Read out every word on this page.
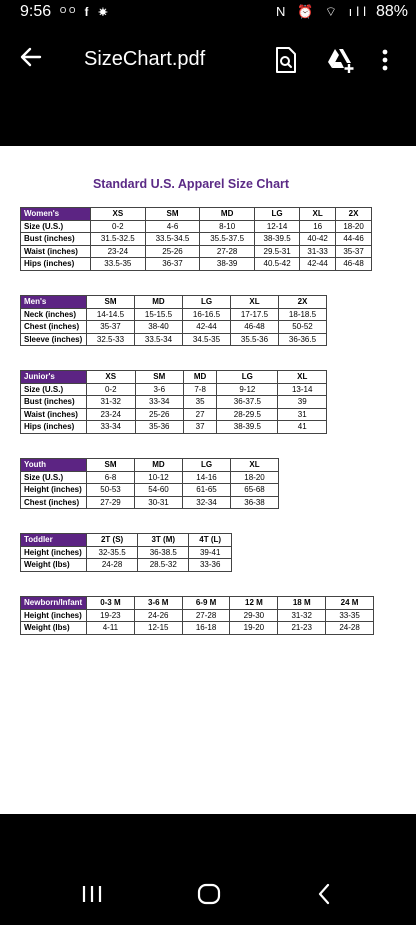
9:56 ᴼᴼ 𝐟 ☀	N ⏰ ⌔ ıll 88%
SizeChart.pdf
Standard U.S. Apparel Size Chart
Women's	XS	SM	MD	LG	XL	2X
Size (U.S.)	0-2	4-6	8-10	12-14	16	18-20
Bust (inches)	31.5-32.5	33.5-34.5	35.5-37.5	38-39.5	40-42	44-46
Waist (inches)	23-24	25-26	27-28	29.5-31	31-33	35-37
Hips (inches)	33.5-35	36-37	38-39	40.5-42	42-44	46-48
Men's	SM	MD	LG	XL	2X
Neck (inches)	14-14.5	15-15.5	16-16.5	17-17.5	18-18.5
Chest (inches)	35-37	38-40	42-44	46-48	50-52
Sleeve (inches)	32.5-33	33.5-34	34.5-35	35.5-36	36-36.5
Junior's	XS	SM	MD	LG	XL
Size (U.S.)	0-2	3-6	7-8	9-12	13-14
Bust (inches)	31-32	33-34	35	36-37.5	39
Waist (inches)	23-24	25-26	27	28-29.5	31
Hips (inches)	33-34	35-36	37	38-39.5	41
Youth	SM	MD	LG	XL
Size (U.S.)	6-8	10-12	14-16	18-20
Height (inches)	50-53	54-60	61-65	65-68
Chest (inches)	27-29	30-31	32-34	36-38
Toddler	2T (S)	3T (M)	4T (L)
Height (inches)	32-35.5	36-38.5	39-41
Weight (lbs)	24-28	28.5-32	33-36
Newborn/Infant	0-3 M	3-6 M	6-9 M	12 M	18 M	24 M
Height (inches)	19-23	24-26	27-28	29-30	31-32	33-35
Weight (lbs)	4-11	12-15	16-18	19-20	21-23	24-28
